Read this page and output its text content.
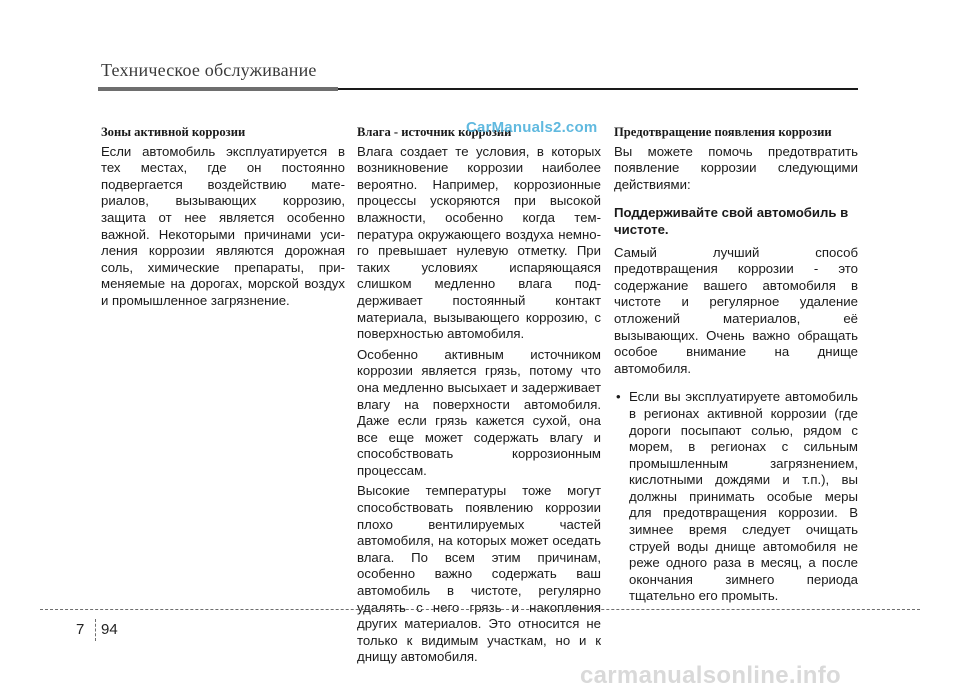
Техническое обслуживание
Зоны активной коррозии

Если автомобиль эксплуатируется в тех местах, где он постоянно подвергается воздействию мате-риалов, вызывающих коррозию, защита от нее является особенно важной. Некоторыми причинами уси-ления коррозии являются дорожная соль, химические препараты, при-меняемые на дорогах, морской воздух и промышленное загрязнение.

Влага - источник коррозии

Влага создает те условия, в которых возникновение коррозии наиболее вероятно. Например, коррозионные процессы ускоряются при высокой влажности, особенно когда тем-пература окружающего воздуха немно-го превышает нулевую отметку. При таких условиях испаряющаяся слишком медленно влага под-держивает постоянный контакт материала, вызывающего коррозию, с поверхностью автомобиля.

Особенно активным источником коррозии является грязь, потому что она медленно высыхает и задерживает влагу на поверхности автомобиля. Даже если грязь кажется сухой, она все еще может содержать влагу и способствовать коррозионным процессам.

Высокие температуры тоже могут способствовать появлению коррозии плохо вентилируемых частей автомобиля, на которых может оседать влага. По всем этим причинам, особенно важно содержать ваш автомобиль в чистоте, регулярно удалять с него грязь и накопления других материалов. Это относится не только к видимым участкам, но и к днищу автомобиля.

Предотвращение появления коррозии

Вы можете помочь предотвратить появление коррозии следующими действиями:

Поддерживайте свой автомобиль в чистоте.

Самый лучший способ предотвращения коррозии - это содержание вашего автомобиля в чистоте и регулярное удаление отложений материалов, её вызывающих. Очень важно обращать особое внимание на днище автомобиля.

• Если вы эксплуатируете автомобиль в регионах активной коррозии (где дороги посыпают солью, рядом с морем, в регионах с сильным промышленным загрязнением, кислотными дождями и т.п.), вы должны принимать особые меры для предотвращения коррозии. В зимнее время следует очищать струей воды днище автомобиля не реже одного раза в месяц, а после окончания зимнего периода тщательно его промыть.
CarManuals2.com
7 94
carmanualsonline.info
